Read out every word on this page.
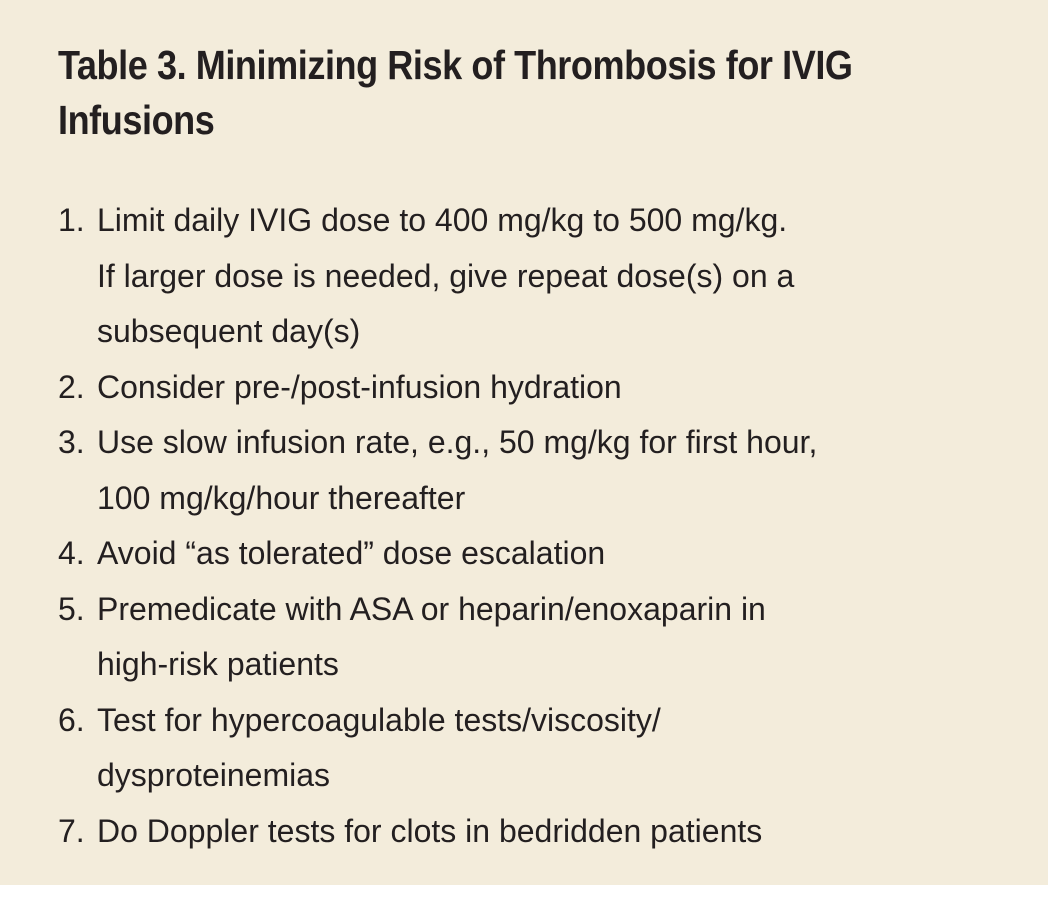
Table 3. Minimizing Risk of Thrombosis for IVIG
Infusions
1. Limit daily IVIG dose to 400 mg/kg to 500 mg/kg.
If larger dose is needed, give repeat dose(s) on a
subsequent day(s)
2. Consider pre-/post-infusion hydration
3. Use slow infusion rate, e.g., 50 mg/kg for first hour,
100 mg/kg/hour thereafter
4. Avoid “as tolerated” dose escalation
5. Premedicate with ASA or heparin/enoxaparin in
high-risk patients
6. Test for hypercoagulable tests/viscosity/
dysproteinemias
7. Do Doppler tests for clots in bedridden patients
